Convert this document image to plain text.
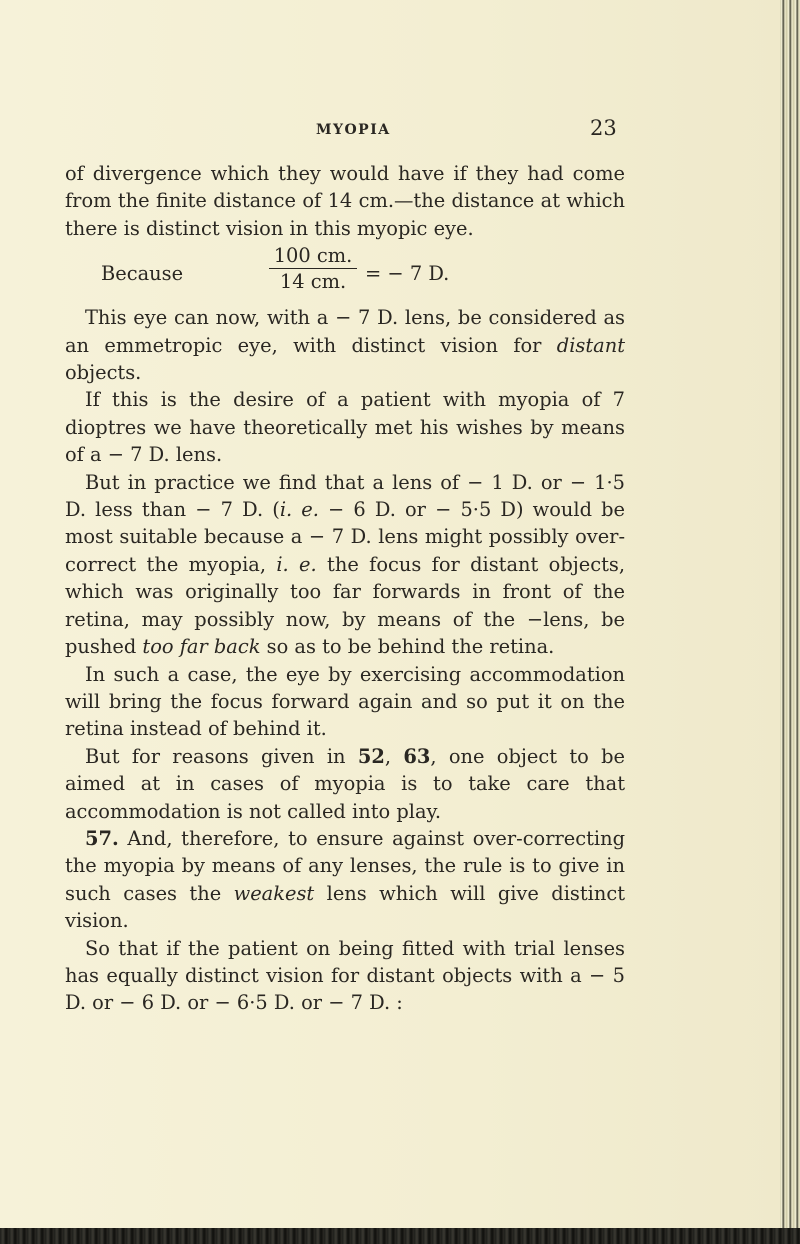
MYOPIA	23

of divergence which they would have if they had come from the finite distance of 14 cm.—the distance at which there is distinct vision in this myopic eye.

Because	$\frac{100 cm.}{14 cm.}$ = − 7 D.

This eye can now, with a − 7 D. lens, be considered as an emmetropic eye, with distinct vision for distant objects.

If this is the desire of a patient with myopia of 7 dioptres we have theoretically met his wishes by means of a − 7 D. lens.

But in practice we find that a lens of − 1 D. or − 1·5 D. less than − 7 D. (i. e. − 6 D. or − 5·5 D) would be most suitable because a − 7 D. lens might possibly over-correct the myopia, i. e. the focus for distant objects, which was originally too far forwards in front of the retina, may possibly now, by means of the −lens, be pushed too far back so as to be behind the retina.

In such a case, the eye by exercising accommodation will bring the focus forward again and so put it on the retina instead of behind it.

But for reasons given in 52, 63, one object to be aimed at in cases of myopia is to take care that accommodation is not called into play.

57. And, therefore, to ensure against over-correcting the myopia by means of any lenses, the rule is to give in such cases the weakest lens which will give distinct vision.

So that if the patient on being fitted with trial lenses has equally distinct vision for distant objects with a − 5 D. or − 6 D. or − 6·5 D. or − 7 D. :
